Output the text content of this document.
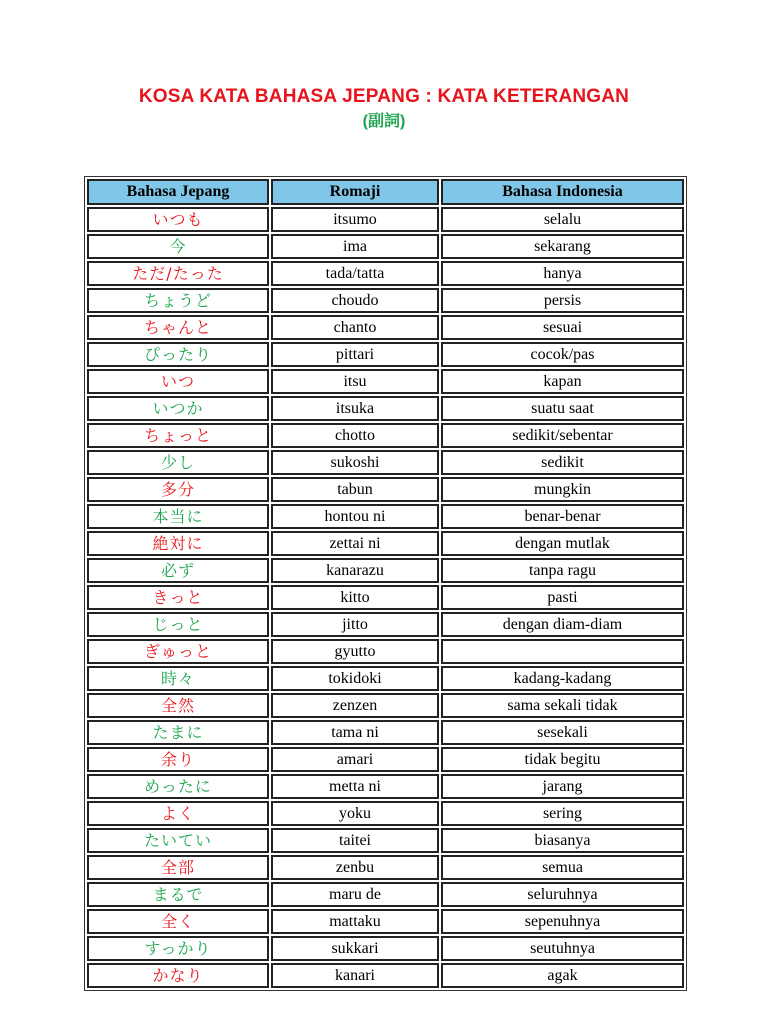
KOSA KATA BAHASA JEPANG : KATA KETERANGAN
(副詞)
Bahasa Jepang	Romaji	Bahasa Indonesia
いつも	itsumo	selalu
今	ima	sekarang
ただ/たった	tada/tatta	hanya
ちょうど	choudo	persis
ちゃんと	chanto	sesuai
ぴったり	pittari	cocok/pas
いつ	itsu	kapan
いつか	itsuka	suatu saat
ちょっと	chotto	sedikit/sebentar
少し	sukoshi	sedikit
多分	tabun	mungkin
本当に	hontou ni	benar-benar
絶対に	zettai ni	dengan mutlak
必ず	kanarazu	tanpa ragu
きっと	kitto	pasti
じっと	jitto	dengan diam-diam
ぎゅっと	gyutto	
時々	tokidoki	kadang-kadang
全然	zenzen	sama sekali tidak
たまに	tama ni	sesekali
余り	amari	tidak begitu
めったに	metta ni	jarang
よく	yoku	sering
たいてい	taitei	biasanya
全部	zenbu	semua
まるで	maru de	seluruhnya
全く	mattaku	sepenuhnya
すっかり	sukkari	seutuhnya
かなり	kanari	agak
